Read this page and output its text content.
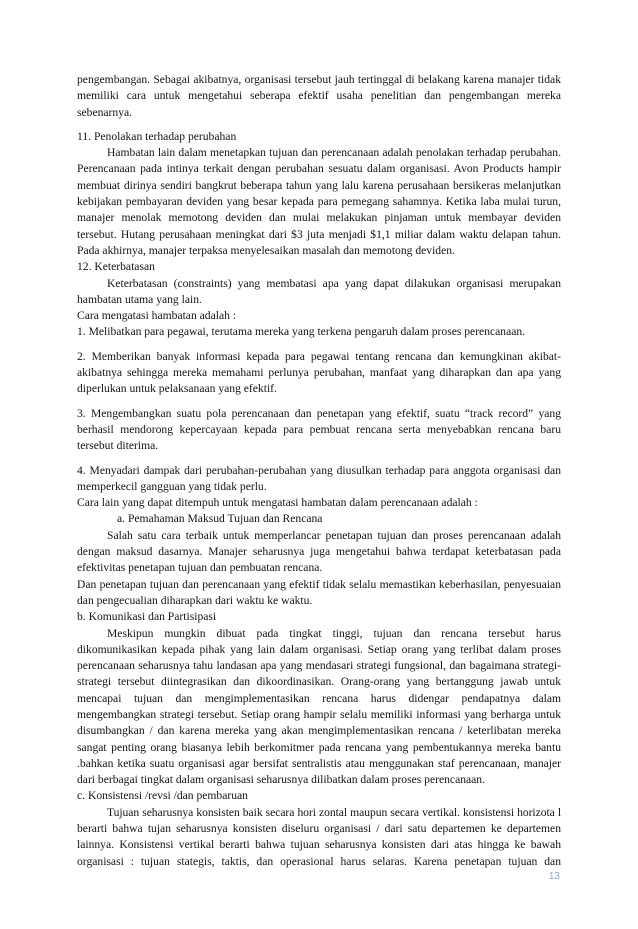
pengembangan. Sebagai akibatnya, organisasi tersebut jauh tertinggal di belakang karena manajer tidak
memiliki cara untuk mengetahui seberapa efektif usaha penelitian dan pengembangan mereka
sebenarnya.
11. Penolakan terhadap perubahan
Hambatan lain dalam menetapkan tujuan dan perencanaan adalah penolakan terhadap perubahan.
Perencanaan pada intinya terkait dengan perubahan sesuatu dalam organisasi. Avon Products hampir
membuat dirinya sendiri bangkrut beberapa tahun yang lalu karena perusahaan bersikeras melanjutkan
kebijakan pembayaran deviden yang besar kepada para pemegang sahamnya. Ketika laba mulai turun,
manajer menolak memotong deviden dan mulai melakukan pinjaman untuk membayar deviden
tersebut. Hutang perusahaan meningkat dari $3 juta menjadi $1,1 miliar dalam waktu delapan tahun.
Pada akhirnya, manajer terpaksa menyelesaikan masalah dan memotong deviden.
12. Keterbatasan
Keterbatasan (constraints) yang membatasi apa yang dapat dilakukan organisasi merupakan
hambatan utama yang lain.
Cara mengatasi hambatan adalah :
1. Melibatkan para pegawai, terutama mereka yang terkena pengaruh dalam proses perencanaan.
2. Memberikan banyak informasi kepada para pegawai tentang rencana dan kemungkinan akibat-
akibatnya sehingga mereka memahami perlunya perubahan, manfaat yang diharapkan dan apa yang
diperlukan untuk pelaksanaan yang efektif.
3. Mengembangkan suatu pola perencanaan dan penetapan yang efektif, suatu “track record” yang
berhasil mendorong kepercayaan kepada para pembuat rencana serta menyebabkan rencana baru
tersebut diterima.
4. Menyadari dampak dari perubahan-perubahan yang diusulkan terhadap para anggota organisasi dan
memperkecil gangguan yang tidak perlu.
Cara lain yang dapat ditempuh untuk mengatasi hambatan dalam perencanaan adalah :
a. Pemahaman Maksud Tujuan dan Rencana
Salah satu cara terbaik untuk memperlancar penetapan tujuan dan proses perencanaan adalah
dengan maksud dasarnya. Manajer seharusnya juga mengetahui bahwa terdapat keterbatasan pada
efektivitas penetapan tujuan dan pembuatan rencana.
Dan penetapan tujuan dan perencanaan yang efektif tidak selalu memastikan keberhasilan, penyesuaian
dan pengecualian diharapkan dari waktu ke waktu.
b. Komunikasi dan Partisipasi
Meskipun mungkin dibuat pada tingkat tinggi, tujuan dan rencana tersebut harus
dikomunikasikan kepada pihak yang lain dalam organisasi. Setiap orang yang terlibat dalam proses
perencanaan seharusnya tahu landasan apa yang mendasari strategi fungsional, dan bagaimana strategi-
strategi tersebut diintegrasikan dan dikoordinasikan. Orang-orang yang bertanggung jawab untuk
mencapai tujuan dan mengimplementasikan rencana harus didengar pendapatnya dalam
mengembangkan strategi tersebut. Setiap orang hampir selalu memiliki informasi yang berharga untuk
disumbangkan / dan karena mereka yang akan mengimplementasikan rencana / keterlibatan mereka
sangat penting orang biasanya lebih berkomitmer pada rencana yang pembentukannya mereka bantu
.bahkan ketika suatu organisasi agar bersifat sentralistis atau menggunakan staf perencanaan, manajer
dari berbagai tingkat dalam organisasi seharusnya dilibatkan dalam proses perencanaan.
c. Konsistensi /revsi /dan pembaruan
Tujuan seharusnya konsisten baik secara hori zontal maupun secara vertikal. konsistensi horizota l
berarti bahwa tujan seharusnya konsisten diseluru organisasi / dari satu departemen ke departemen
lainnya. Konsistensi vertikal berarti bahwa tujuan seharusnya konsisten dari atas hingga ke bawah
organisasi : tujuan stategis, taktis, dan operasional harus selaras. Karena penetapan tujuan dan
13
